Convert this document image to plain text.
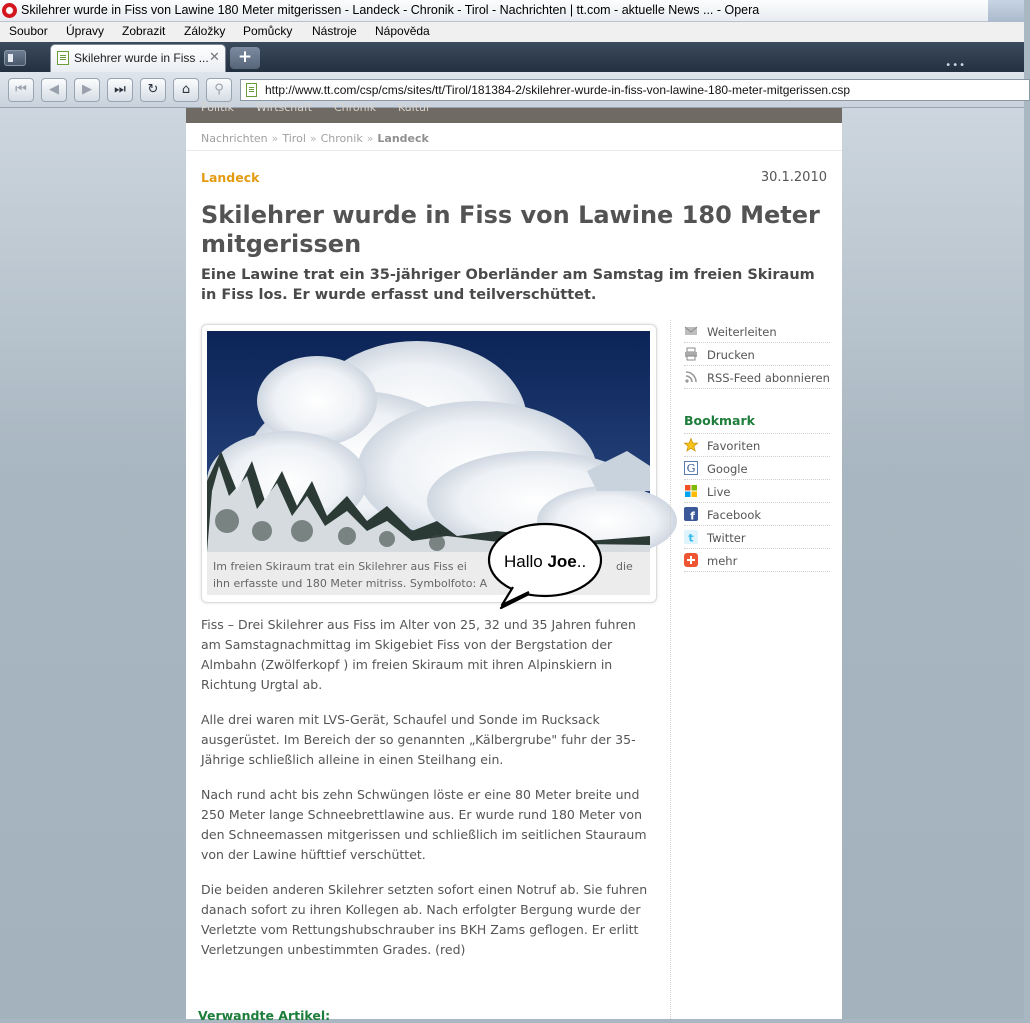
Skilehrer wurde in Fiss von Lawine 180 Meter mitgerissen - Landeck - Chronik - Tirol - Nachrichten | tt.com - aktuelle News ... - Opera
Soubor Úpravy Zobrazit Záložky Pomůcky Nástroje Nápověda
Skilehrer wurde in Fiss ... ✕	+	•••
⏮	◀	▶	⏭	↻	⌂	⚲	http://www.tt.com/csp/cms/sites/tt/Tirol/181384-2/skilehrer-wurde-in-fiss-von-lawine-180-meter-mitgerissen.csp
Politik Wirtschaft Chronik Kultur
Nachrichten » Tirol » Chronik » Landeck
Landeck	30.1.2010
Skilehrer wurde in Fiss von Lawine 180 Meter mitgerissen

Eine Lawine trat ein 35-jähriger Oberländer am Samstag im freien Skiraum in Fiss los. Er wurde erfasst und teilverschüttet.

Im freien Skiraum trat ein Skilehrer aus Fiss ei	die

ihn erfasste und 180 Meter mitriss. Symbolfoto: A
Hallo Joe..

Fiss – Drei Skilehrer aus Fiss im Alter von 25, 32 und 35 Jahren fuhren am Samstagnachmittag im Skigebiet Fiss von der Bergstation der Almbahn (Zwölferkopf ) im freien Skiraum mit ihren Alpinskiern in Richtung Urgtal ab.

Alle drei waren mit LVS-Gerät, Schaufel und Sonde im Rucksack ausgerüstet. Im Bereich der so genannten „Kälbergrube" fuhr der 35-Jährige schließlich alleine in einen Steilhang ein.

Nach rund acht bis zehn Schwüngen löste er eine 80 Meter breite und 250 Meter lange Schneebrettlawine aus. Er wurde rund 180 Meter von den Schneemassen mitgerissen und schließlich im seitlichen Stauraum von der Lawine hüfttief verschüttet.

Die beiden anderen Skilehrer setzten sofort einen Notruf ab. Sie fuhren danach sofort zu ihren Kollegen ab. Nach erfolgter Bergung wurde der Verletzte vom Rettungshubschrauber ins BKH Zams geflogen. Er erlitt Verletzungen unbestimmten Grades. (red)

Weiterleiten
Drucken
RSS-Feed abonnieren
Bookmark
Favoriten
G Google
Live
f Facebook
t Twitter
mehr
Verwandte Artikel:
